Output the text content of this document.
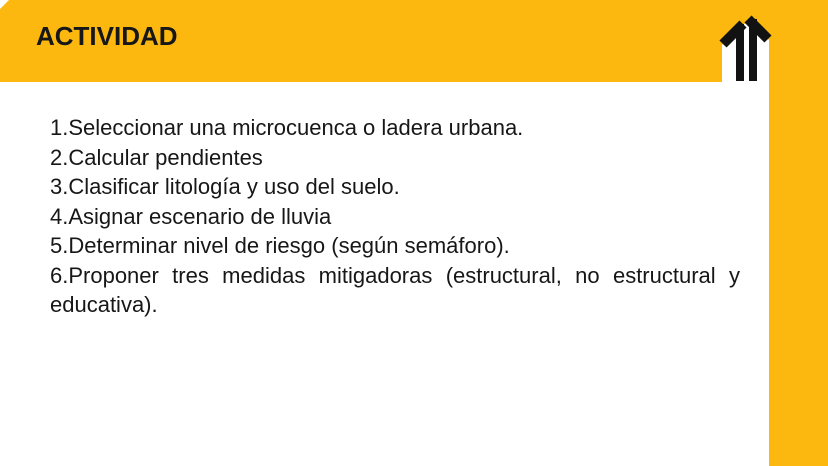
ACTIVIDAD
1.Seleccionar una microcuenca o ladera urbana.
2.Calcular pendientes
3.Clasificar litología y uso del suelo.
4.Asignar escenario de lluvia
5.Determinar nivel de riesgo (según semáforo).
6.Proponer tres medidas mitigadoras (estructural, no estructural y educativa).
